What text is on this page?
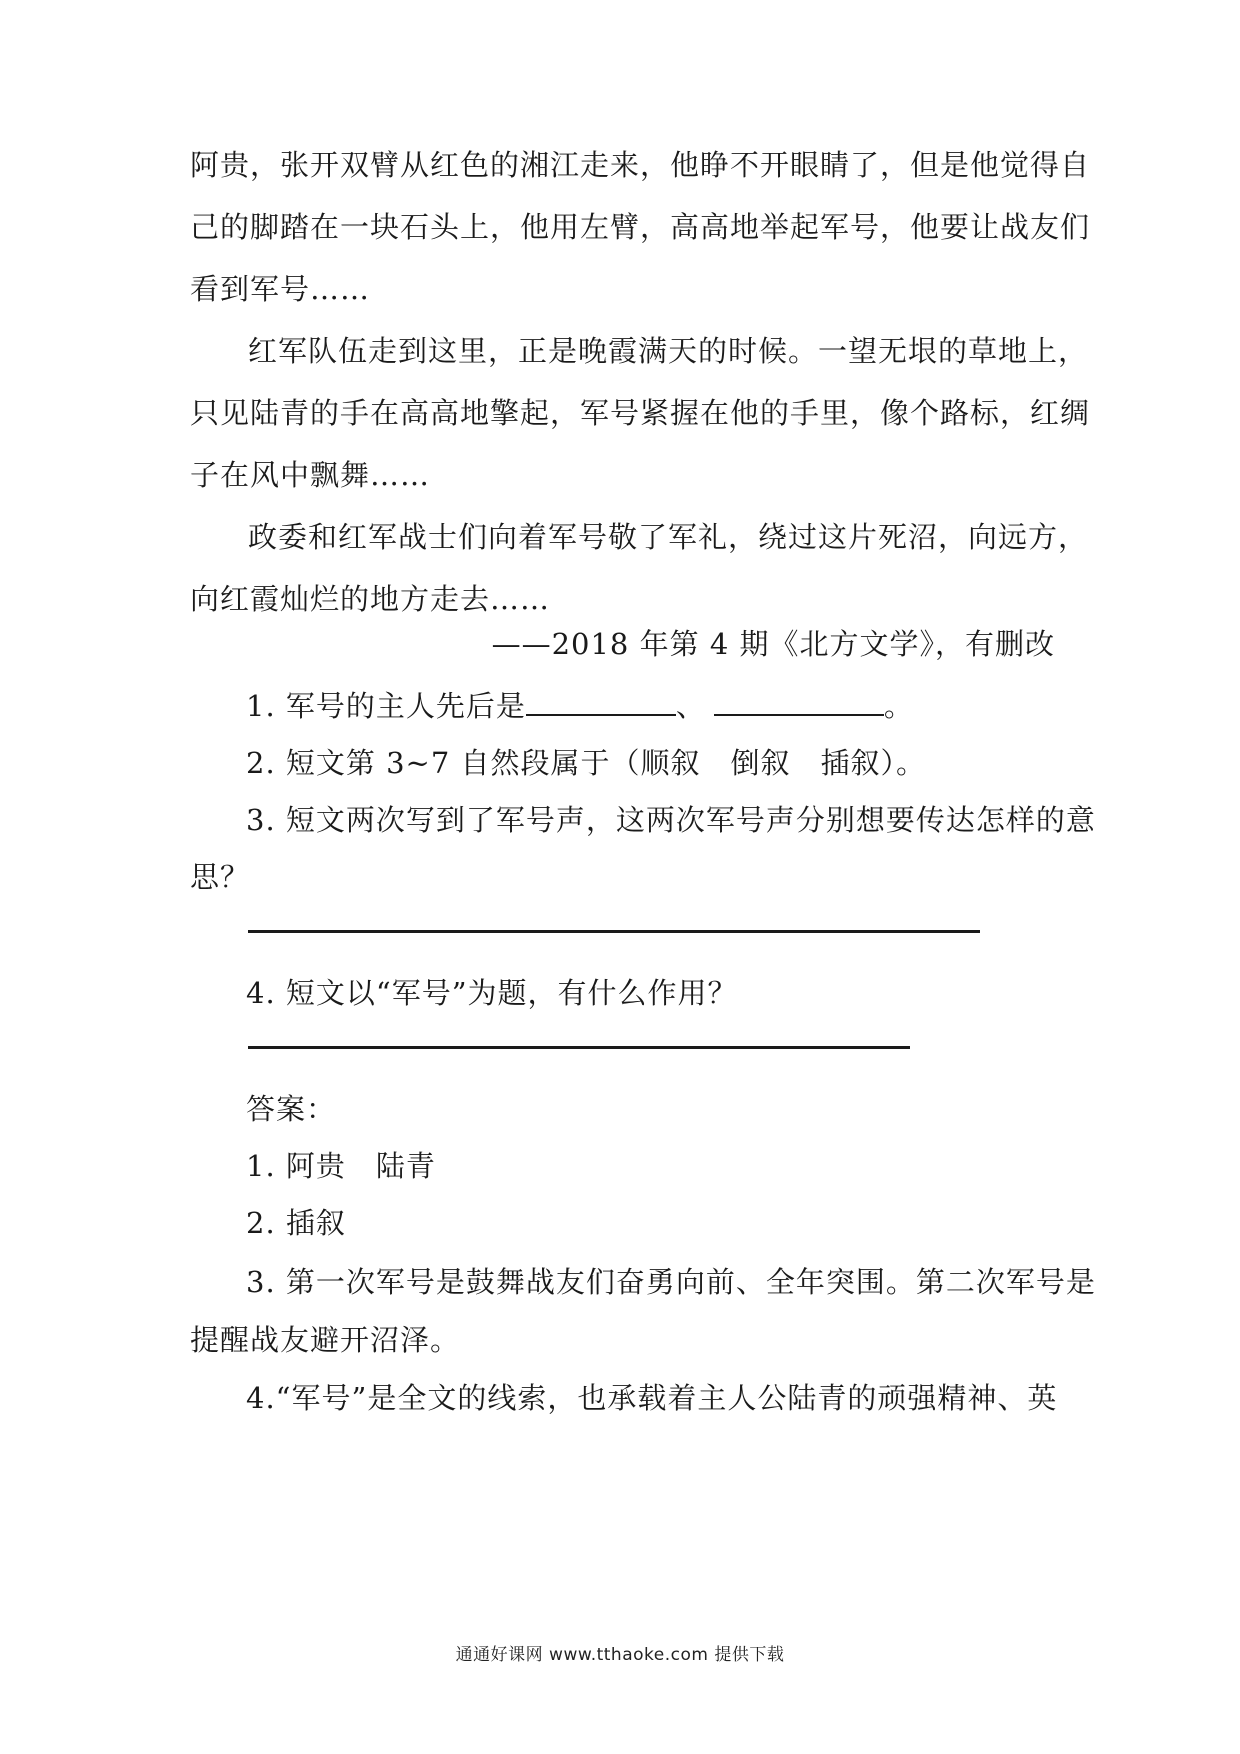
阿贵，张开双臂从红色的湘江走来，他睁不开眼睛了，但是他觉得自
己的脚踏在一块石头上，他用左臂，高高地举起军号，他要让战友们
看到军号……
红军队伍走到这里，正是晚霞满天的时候。一望无垠的草地上，
只见陆青的手在高高地擎起，军号紧握在他的手里，像个路标，红绸
子在风中飘舞……
政委和红军战士们向着军号敬了军礼，绕过这片死沼，向远方，
向红霞灿烂的地方走去……
——2018 年第 4 期《北方文学》，有删改
1. 军号的主人先后是	、	。
2. 短文第 3~7 自然段属于（顺叙　倒叙　插叙）。
3. 短文两次写到了军号声，这两次军号声分别想要传达怎样的意
思？
4. 短文以“军号”为题，有什么作用？
答案：
1. 阿贵　陆青
2. 插叙
3. 第一次军号是鼓舞战友们奋勇向前、全年突围。第二次军号是
提醒战友避开沼泽。
4.“军号”是全文的线索，也承载着主人公陆青的顽强精神、英
通通好课网 www.tthaoke.com 提供下载
